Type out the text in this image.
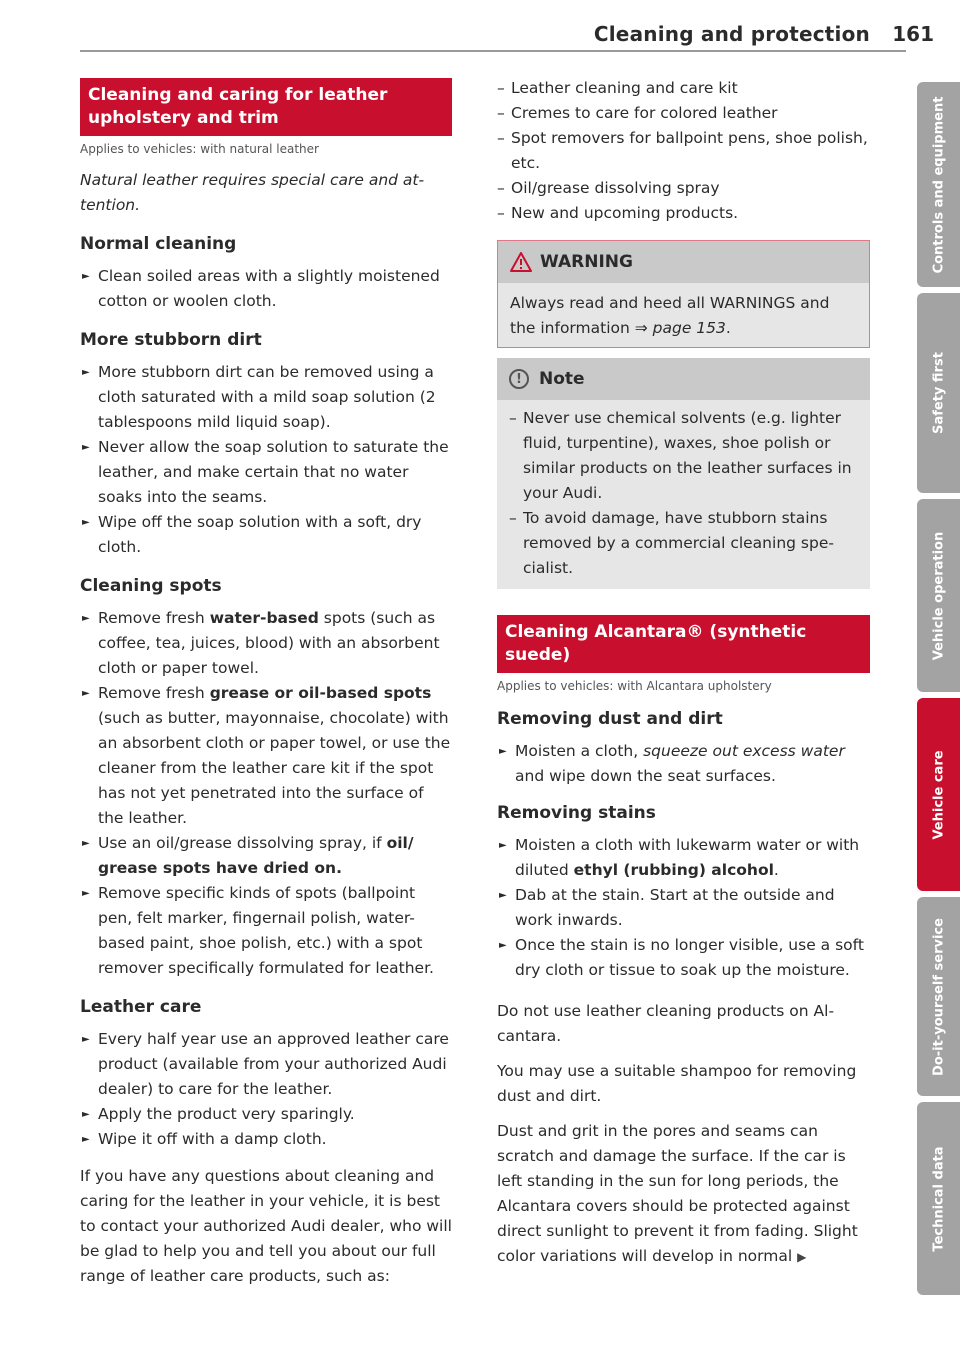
Cleaning and protection 161
Cleaning and caring for leather upholstery and trim

Applies to vehicles: with natural leather

Natural leather requires special care and attention.

Normal cleaning

► Clean soiled areas with a slightly moistened cotton or woolen cloth.

More stubborn dirt

► More stubborn dirt can be removed using a cloth saturated with a mild soap solution (2 tablespoons mild liquid soap).

► Never allow the soap solution to saturate the leather, and make certain that no water soaks into the seams.

► Wipe off the soap solution with a soft, dry cloth.

Cleaning spots

► Remove fresh water-based spots (such as coffee, tea, juices, blood) with an absorbent cloth or paper towel.

► Remove fresh grease or oil-based spots (such as butter, mayonnaise, chocolate) with an absorbent cloth or paper towel, or use the cleaner from the leather care kit if the spot has not yet penetrated into the surface of the leather.

► Use an oil/grease dissolving spray, if oil/ grease spots have dried on.

► Remove specific kinds of spots (ballpoint pen, felt marker, fingernail polish, water-based paint, shoe polish, etc.) with a spot remover specifically formulated for leather.

Leather care

► Every half year use an approved leather care product (available from your authorized Audi dealer) to care for the leather.

► Apply the product very sparingly.

► Wipe it off with a damp cloth.

If you have any questions about cleaning and caring for the leather in your vehicle, it is best to contact your authorized Audi dealer, who will be glad to help you and tell you about our full range of leather care products, such as:

– Leather cleaning and care kit

– Cremes to care for colored leather

– Spot removers for ballpoint pens, shoe polish, etc.

– Oil/grease dissolving spray

– New and upcoming products.

WARNING

Always read and heed all WARNINGS and the information ⇒ page 153.

!	Note

– Never use chemical solvents (e.g. lighter fluid, turpentine), waxes, shoe polish or similar products on the leather surfaces in your Audi.

– To avoid damage, have stubborn stains removed by a commercial cleaning specialist.

Cleaning Alcantara® (synthetic suede)

Applies to vehicles: with Alcantara upholstery

Removing dust and dirt

► Moisten a cloth, squeeze out excess water and wipe down the seat surfaces.

Removing stains

► Moisten a cloth with lukewarm water or with diluted ethyl (rubbing) alcohol.

► Dab at the stain. Start at the outside and work inwards.

► Once the stain is no longer visible, use a soft dry cloth or tissue to soak up the moisture.

Do not use leather cleaning products on Alcantara.

You may use a suitable shampoo for removing dust and dirt.

Dust and grit in the pores and seams can scratch and damage the surface. If the car is left standing in the sun for long periods, the Alcantara covers should be protected against direct sunlight to prevent it from fading. Slight color variations will develop in normal ▶

Controls and equipment
Safety first
Vehicle operation
Vehicle care
Do-it-yourself service
Technical data
